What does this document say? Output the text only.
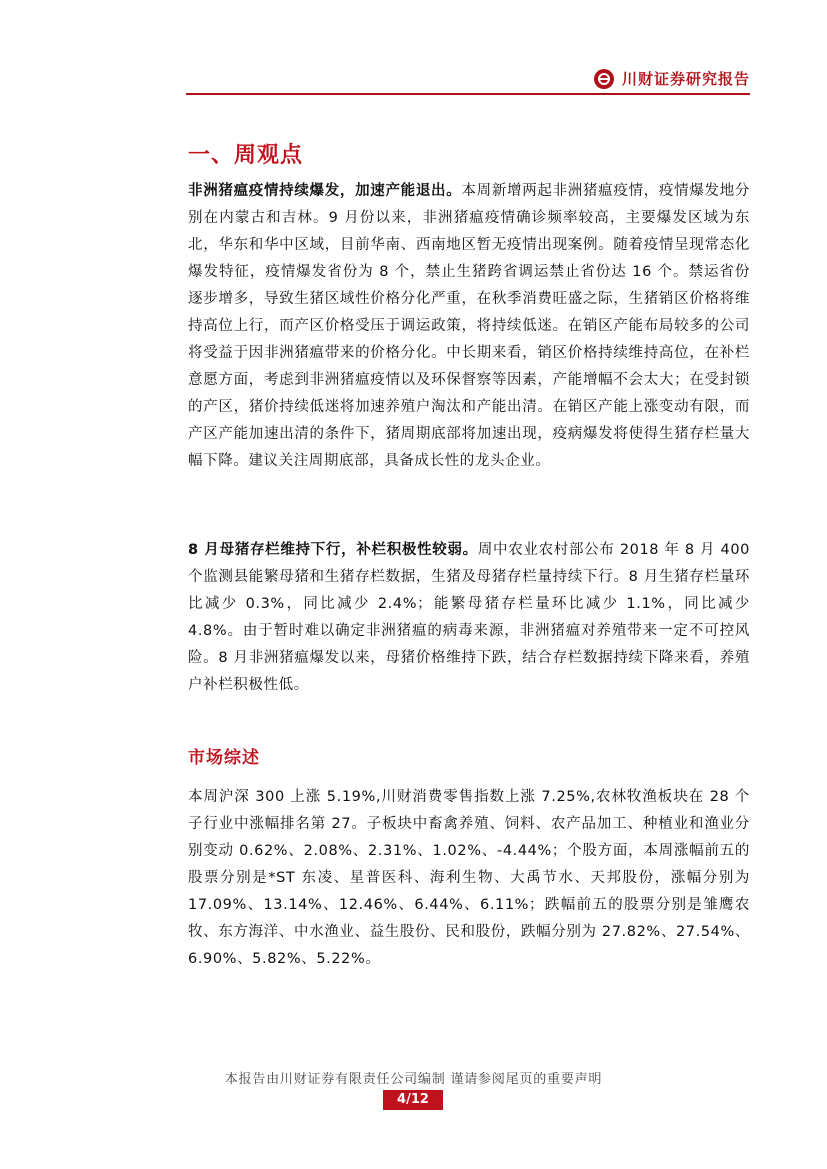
川财证券研究报告
一、周观点
非洲猪瘟疫情持续爆发，加速产能退出。本周新增两起非洲猪瘟疫情，疫情爆发地分别在内蒙古和吉林。9 月份以来，非洲猪瘟疫情确诊频率较高，主要爆发区域为东北，华东和华中区域，目前华南、西南地区暂无疫情出现案例。随着疫情呈现常态化爆发特征，疫情爆发省份为 8 个，禁止生猪跨省调运禁止省份达 16 个。禁运省份逐步增多，导致生猪区域性价格分化严重，在秋季消费旺盛之际，生猪销区价格将维持高位上行，而产区价格受压于调运政策，将持续低迷。在销区产能布局较多的公司将受益于因非洲猪瘟带来的价格分化。中长期来看，销区价格持续维持高位，在补栏意愿方面，考虑到非洲猪瘟疫情以及环保督察等因素，产能增幅不会太大；在受封锁的产区，猪价持续低迷将加速养殖户淘汰和产能出清。在销区产能上涨变动有限，而产区产能加速出清的条件下，猪周期底部将加速出现，疫病爆发将使得生猪存栏量大幅下降。建议关注周期底部，具备成长性的龙头企业。
8 月母猪存栏维持下行，补栏积极性较弱。周中农业农村部公布 2018 年 8 月 400 个监测县能繁母猪和生猪存栏数据，生猪及母猪存栏量持续下行。8 月生猪存栏量环比减少 0.3%，同比减少 2.4%；能繁母猪存栏量环比减少 1.1%，同比减少 4.8%。由于暂时难以确定非洲猪瘟的病毒来源，非洲猪瘟对养殖带来一定不可控风险。8 月非洲猪瘟爆发以来，母猪价格维持下跌，结合存栏数据持续下降来看，养殖户补栏积极性低。
市场综述
本周沪深 300 上涨 5.19%,川财消费零售指数上涨 7.25%,农林牧渔板块在 28 个子行业中涨幅排名第 27。子板块中畜禽养殖、饲料、农产品加工、种植业和渔业分别变动 0.62%、2.08%、2.31%、1.02%、-4.44%；个股方面，本周涨幅前五的股票分别是*ST 东凌、星普医科、海利生物、大禹节水、天邦股份，涨幅分别为 17.09%、13.14%、12.46%、6.44%、6.11%；跌幅前五的股票分别是雏鹰农牧、东方海洋、中水渔业、益生股份、民和股份，跌幅分别为 27.82%、27.54%、6.90%、5.82%、5.22%。
本报告由川财证券有限责任公司编制 谨请参阅尾页的重要声明
4/12
